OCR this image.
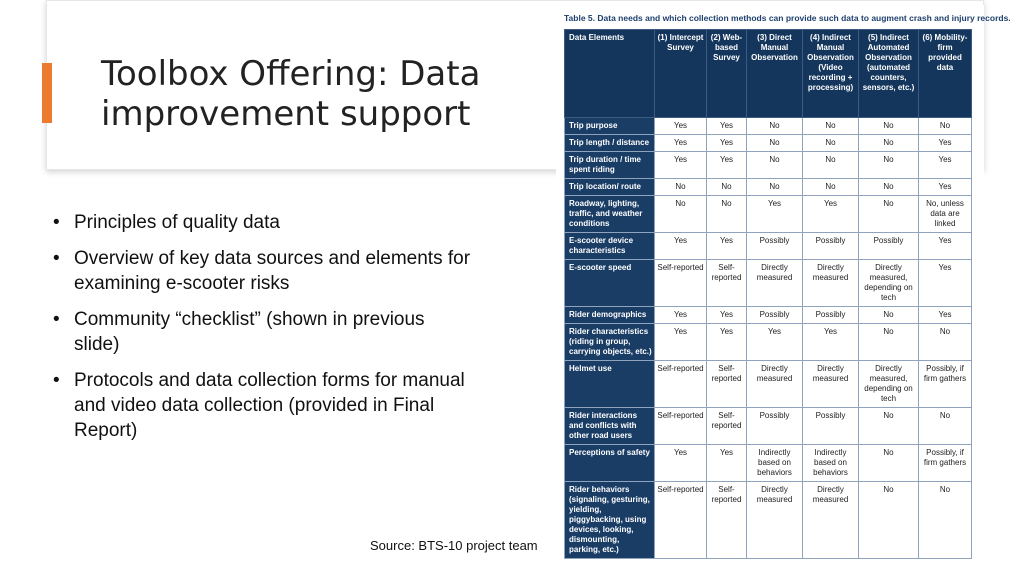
Toolbox Offering: Data improvement support
• Principles of quality data
• Overview of key data sources and elements for examining e-scooter risks
• Community “checklist” (shown in previous slide)
• Protocols and data collection forms for manual and video data collection (provided in Final Report)
Source: BTS-10 project team
Table 5. Data needs and which collection methods can provide such data to augment crash and injury records.
Data Elements	(1) Intercept Survey	(2) Web-based Survey	(3) Direct Manual Observation	(4) Indirect Manual Observation (Video recording + processing)	(5) Indirect Automated Observation (automated counters, sensors, etc.)	(6) Mobility-firm provided data
Trip purpose	Yes	Yes	No	No	No	No
Trip length / distance	Yes	Yes	No	No	No	Yes
Trip duration / time spent riding	Yes	Yes	No	No	No	Yes
Trip location/ route	No	No	No	No	No	Yes
Roadway, lighting, traffic, and weather conditions	No	No	Yes	Yes	No	No, unless data are linked
E-scooter device characteristics	Yes	Yes	Possibly	Possibly	Possibly	Yes
E-scooter speed	Self-reported	Self-reported	Directly measured	Directly measured	Directly measured, depending on tech	Yes
Rider demographics	Yes	Yes	Possibly	Possibly	No	Yes
Rider characteristics (riding in group, carrying objects, etc.)	Yes	Yes	Yes	Yes	No	No
Helmet use	Self-reported	Self-reported	Directly measured	Directly measured	Directly measured, depending on tech	Possibly, if firm gathers
Rider interactions and conflicts with other road users	Self-reported	Self-reported	Possibly	Possibly	No	No
Perceptions of safety	Yes	Yes	Indirectly based on behaviors	Indirectly based on behaviors	No	Possibly, if firm gathers
Rider behaviors (signaling, gesturing, yielding, piggybacking, using devices, looking, dismounting, parking, etc.)	Self-reported	Self-reported	Directly measured	Directly measured	No	No
